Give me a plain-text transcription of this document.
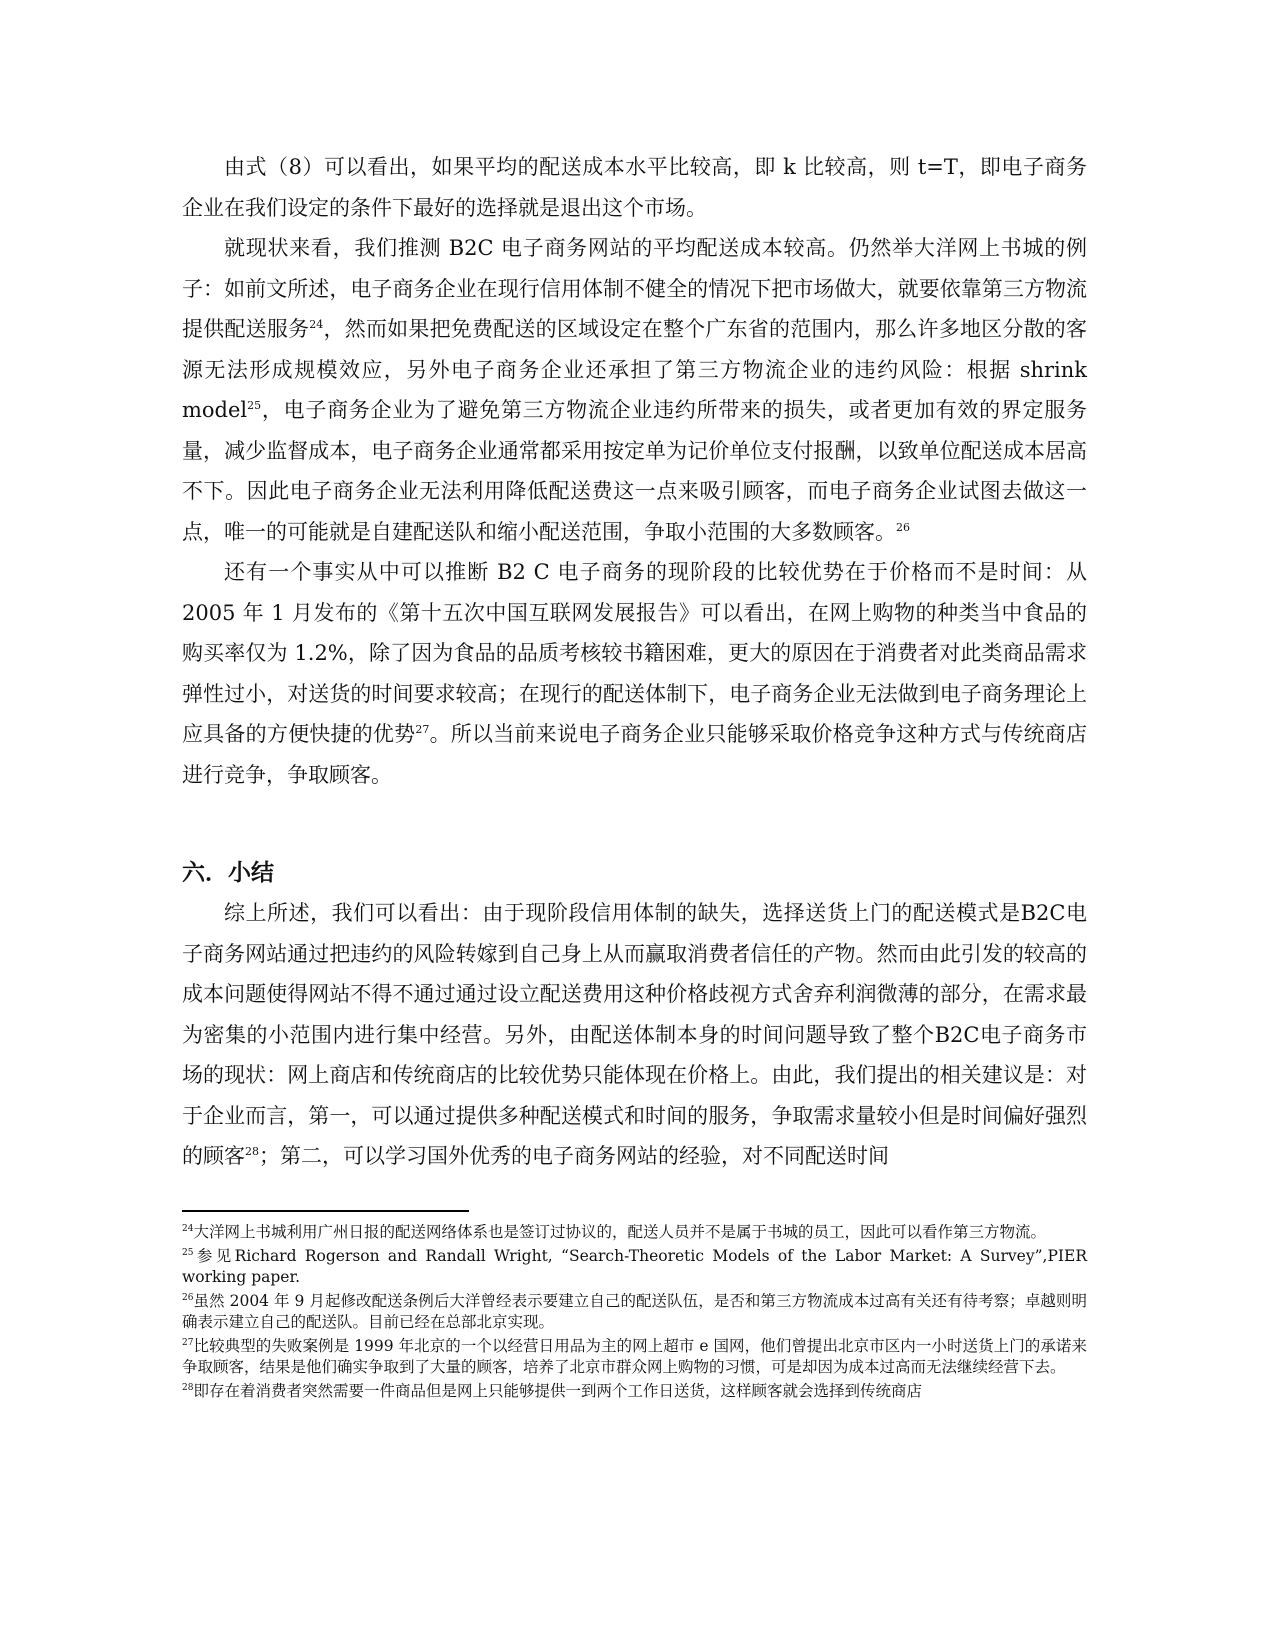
由式（8）可以看出，如果平均的配送成本水平比较高，即 k 比较高，则 t=T，即电子商务企业在我们设定的条件下最好的选择就是退出这个市场。

就现状来看，我们推测 B2C 电子商务网站的平均配送成本较高。仍然举大洋网上书城的例子：如前文所述，电子商务企业在现行信用体制不健全的情况下把市场做大，就要依靠第三方物流提供配送服务$^{24}$，然而如果把免费配送的区域设定在整个广东省的范围内，那么许多地区分散的客源无法形成规模效应，另外电子商务企业还承担了第三方物流企业的违约风险：根据 shrink model$^{25}$，电子商务企业为了避免第三方物流企业违约所带来的损失，或者更加有效的界定服务量，减少监督成本，电子商务企业通常都采用按定单为记价单位支付报酬，以致单位配送成本居高不下。因此电子商务企业无法利用降低配送费这一点来吸引顾客，而电子商务企业试图去做这一点，唯一的可能就是自建配送队和缩小配送范围，争取小范围的大多数顾客。$^{26}$

还有一个事实从中可以推断 B2 C 电子商务的现阶段的比较优势在于价格而不是时间：从 2005 年 1 月发布的《第十五次中国互联网发展报告》可以看出，在网上购物的种类当中食品的购买率仅为 1.2%，除了因为食品的品质考核较书籍困难，更大的原因在于消费者对此类商品需求弹性过小，对送货的时间要求较高；在现行的配送体制下，电子商务企业无法做到电子商务理论上应具备的方便快捷的优势$^{27}$。所以当前来说电子商务企业只能够采取价格竞争这种方式与传统商店进行竞争，争取顾客。

六．小结

综上所述，我们可以看出：由于现阶段信用体制的缺失，选择送货上门的配送模式是B2C电子商务网站通过把违约的风险转嫁到自己身上从而赢取消费者信任的产物。然而由此引发的较高的成本问题使得网站不得不通过通过设立配送费用这种价格歧视方式舍弃利润微薄的部分，在需求最为密集的小范围内进行集中经营。另外，由配送体制本身的时间问题导致了整个B2C电子商务市场的现状：网上商店和传统商店的比较优势只能体现在价格上。由此，我们提出的相关建议是：对于企业而言，第一，可以通过提供多种配送模式和时间的服务，争取需求量较小但是时间偏好强烈的顾客$^{28}$；第二，可以学习国外优秀的电子商务网站的经验，对不同配送时间

$^{24}$大洋网上书城利用广州日报的配送网络体系也是签订过协议的，配送人员并不是属于书城的员工，因此可以看作第三方物流。

$^{25}$参见Richard Rogerson and Randall Wright, “Search-Theoretic Models of the Labor Market: A Survey”,PIER working paper.

$^{26}$虽然 2004 年 9 月起修改配送条例后大洋曾经表示要建立自己的配送队伍，是否和第三方物流成本过高有关还有待考察；卓越则明确表示建立自己的配送队。目前已经在总部北京实现。

$^{27}$比较典型的失败案例是 1999 年北京的一个以经营日用品为主的网上超市 e 国网，他们曾提出北京市区内一小时送货上门的承诺来争取顾客，结果是他们确实争取到了大量的顾客，培养了北京市群众网上购物的习惯，可是却因为成本过高而无法继续经营下去。

$^{28}$即存在着消费者突然需要一件商品但是网上只能够提供一到两个工作日送货，这样顾客就会选择到传统商店
